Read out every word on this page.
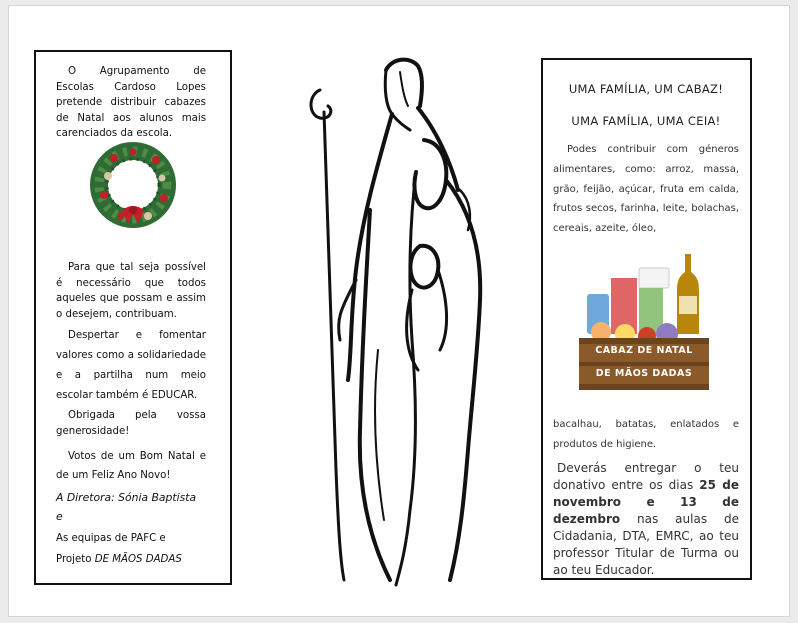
O Agrupamento de Escolas Cardoso Lopes pretende distribuir cabazes de Natal aos alunos mais carenciados da escola.
Para que tal seja possível é necessário que todos aqueles que possam e assim o desejem, contribuam.
Despertar e fomentar valores como a solidariedade e a partilha num meio escolar também é EDUCAR.
Obrigada pela vossa generosidade!
Votos de um Bom Natal e de um Feliz Ano Novo!
A Diretora: Sónia Baptista
e
As equipas de PAFC e
Projeto DE MÃOS DADAS
UMA FAMÍLIA, UM CABAZ!
UMA FAMÍLIA, UMA CEIA!
Podes contribuir com géneros alimentares, como: arroz, massa, grão, feijão, açúcar, fruta em calda, frutos secos, farinha, leite, bolachas, cereais, azeite, óleo,
CABAZ DE NATAL
DE MÃOS DADAS
bacalhau, batatas, enlatados e produtos de higiene.
Deverás entregar o teu donativo entre os dias 25 de novembro e 13 de dezembro nas aulas de Cidadania, DTA, EMRC, ao teu professor Titular de Turma ou ao teu Educador.
